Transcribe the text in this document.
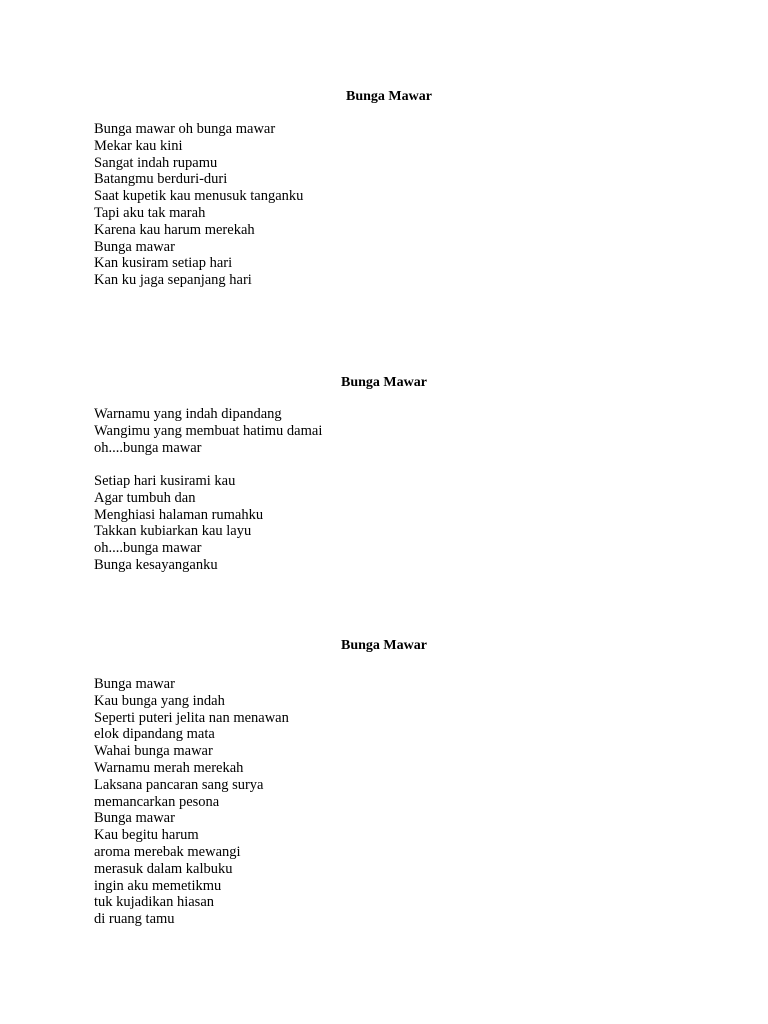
Bunga Mawar
Bunga mawar oh bunga mawar
Mekar kau kini
Sangat indah rupamu
Batangmu berduri-duri
Saat kupetik kau menusuk tanganku
Tapi aku tak marah
Karena kau harum merekah
Bunga mawar
Kan kusiram setiap hari
Kan ku jaga sepanjang hari
Bunga Mawar
Warnamu yang indah dipandang
Wangimu yang membuat hatimu damai
oh....bunga mawar
Setiap hari kusirami kau
Agar tumbuh dan
Menghiasi halaman rumahku
Takkan kubiarkan kau layu
oh....bunga mawar
Bunga kesayanganku
Bunga Mawar
Bunga mawar
Kau bunga yang indah
Seperti puteri jelita nan menawan
elok dipandang mata
Wahai bunga mawar
Warnamu merah merekah
Laksana pancaran sang surya
memancarkan pesona
Bunga mawar
Kau begitu harum
aroma merebak mewangi
merasuk dalam kalbuku
ingin aku memetikmu
tuk kujadikan hiasan
di ruang tamu
